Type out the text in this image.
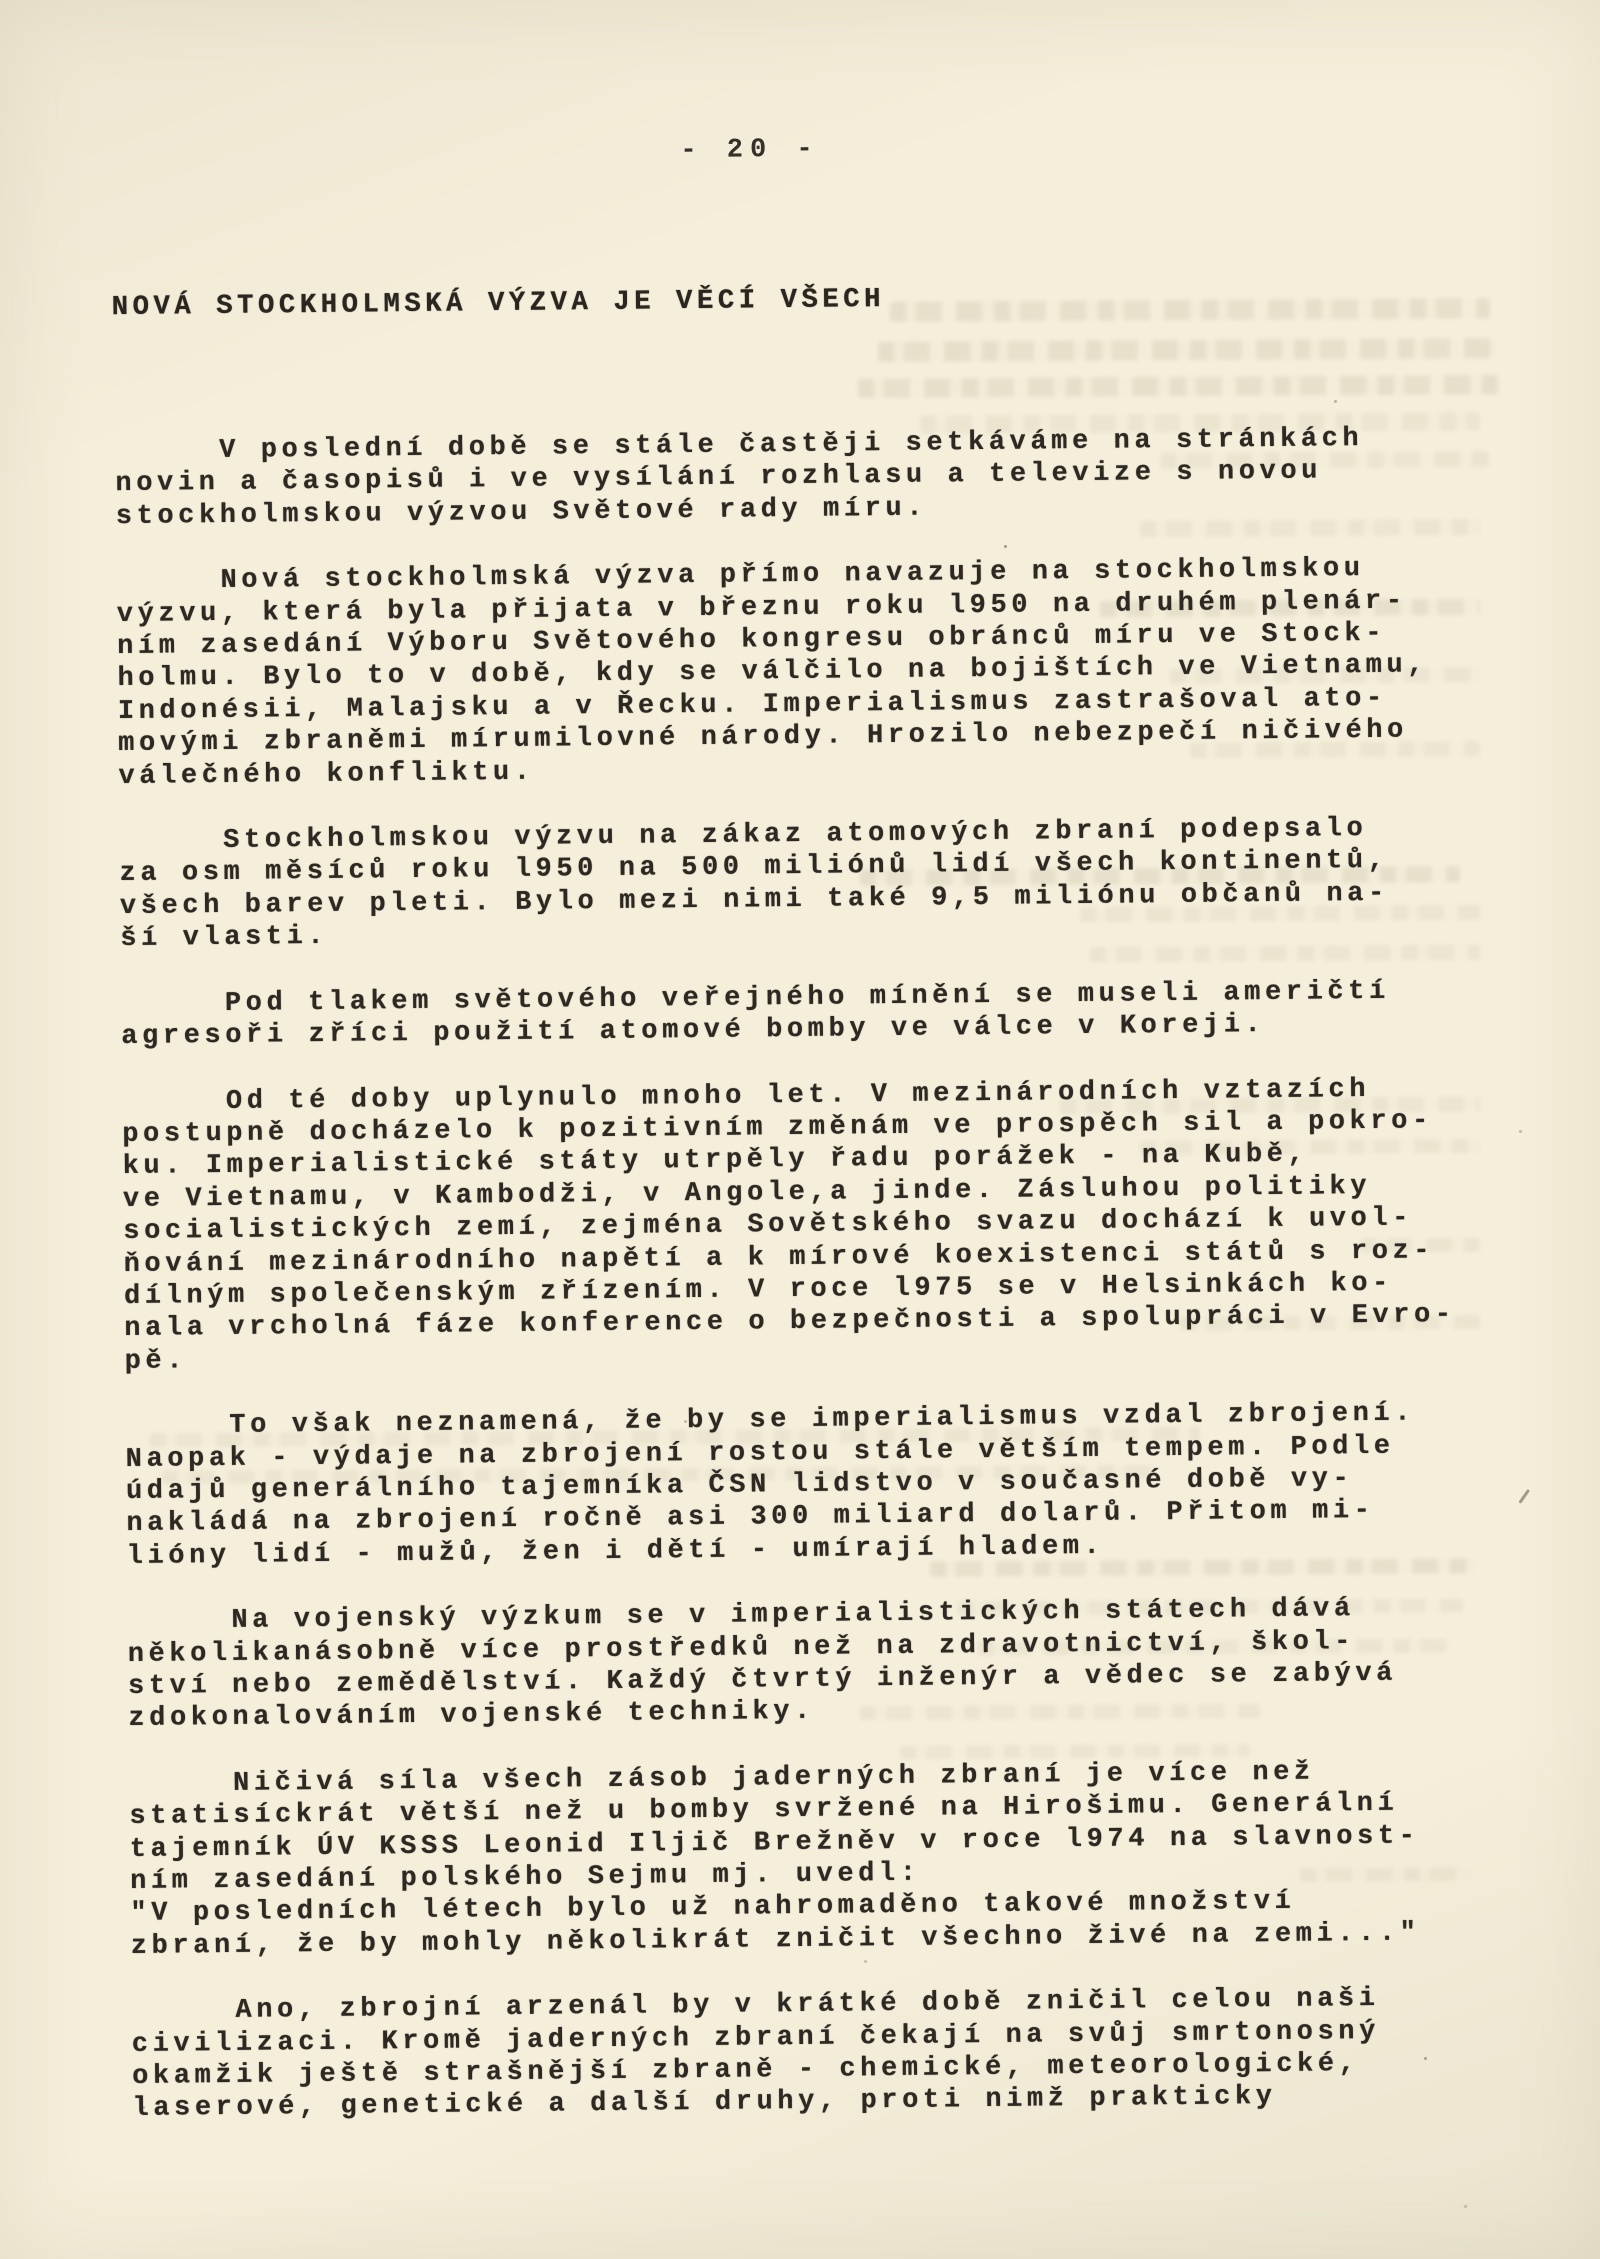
- 20 -
NOVÁ STOCKHOLMSKÁ VÝZVA JE VĚCÍ VŠECH

V poslední době se stále častěji setkáváme na stránkách
novin a časopisů i ve vysílání rozhlasu a televize s novou
stockholmskou výzvou Světové rady míru.

Nová stockholmská výzva přímo navazuje na stockholmskou
výzvu, která byla přijata v březnu roku l950 na druhém plenár-
ním zasedání Výboru Světového kongresu obránců míru ve Stock-
holmu. Bylo to v době, kdy se válčilo na bojištích ve Vietnamu,
Indonésii, Malajsku a v Řecku. Imperialismus zastrašoval ato-
movými zbraněmi mírumilovné národy. Hrozilo nebezpečí ničivého
válečného konfliktu.

Stockholmskou výzvu na zákaz atomových zbraní podepsalo
za osm měsíců roku l950 na 500 miliónů lidí všech kontinentů,
všech barev pleti. Bylo mezi nimi také 9,5 miliónu občanů na-
ší vlasti.

Pod tlakem světového veřejného mínění se museli američtí
agresoři zříci použití atomové bomby ve válce v Koreji.

Od té doby uplynulo mnoho let. V mezinárodních vztazích
postupně docházelo k pozitivním změnám ve prospěch sil a pokro-
ku. Imperialistické státy utrpěly řadu porážek - na Kubě,
ve Vietnamu, v Kambodži, v Angole,a jinde. Zásluhou politiky
socialistických zemí, zejména Sovětského svazu dochází k uvol-
ňování mezinárodního napětí a k mírové koexistenci států s roz-
dílným společenským zřízením. V roce l975 se v Helsinkách ko-
nala vrcholná fáze konference o bezpečnosti a spolupráci v Evro-
pě.

To však neznamená, že by se imperialismus vzdal zbrojení.
Naopak - výdaje na zbrojení rostou stále větším tempem. Podle
údajů generálního tajemníka ČSN lidstvo v současné době vy-
nakládá na zbrojení ročně asi 300 miliard dolarů. Přitom mi-
lióny lidí - mužů, žen i dětí - umírají hladem.

Na vojenský výzkum se v imperialistických státech dává
několikanásobně více prostředků než na zdravotnictví, škol-
ství nebo zemědělství. Každý čtvrtý inženýr a vědec se zabývá
zdokonalováním vojenské techniky.

Ničivá síla všech zásob jaderných zbraní je více než
statisíckrát větší než u bomby svržené na Hirošimu. Generální
tajemník ÚV KSSS Leonid Iljič Brežněv v roce l974 na slavnost-
ním zasedání polského Sejmu mj. uvedl:
"V posledních létech bylo už nahromaděno takové množství
zbraní, že by mohly několikrát zničit všechno živé na zemi..."

Ano, zbrojní arzenál by v krátké době zničil celou naši
civilizaci. Kromě jaderných zbraní čekají na svůj smrtonosný
okamžik ještě strašnější zbraně - chemické, meteorologické,
laserové, genetické a další druhy, proti nimž prakticky
